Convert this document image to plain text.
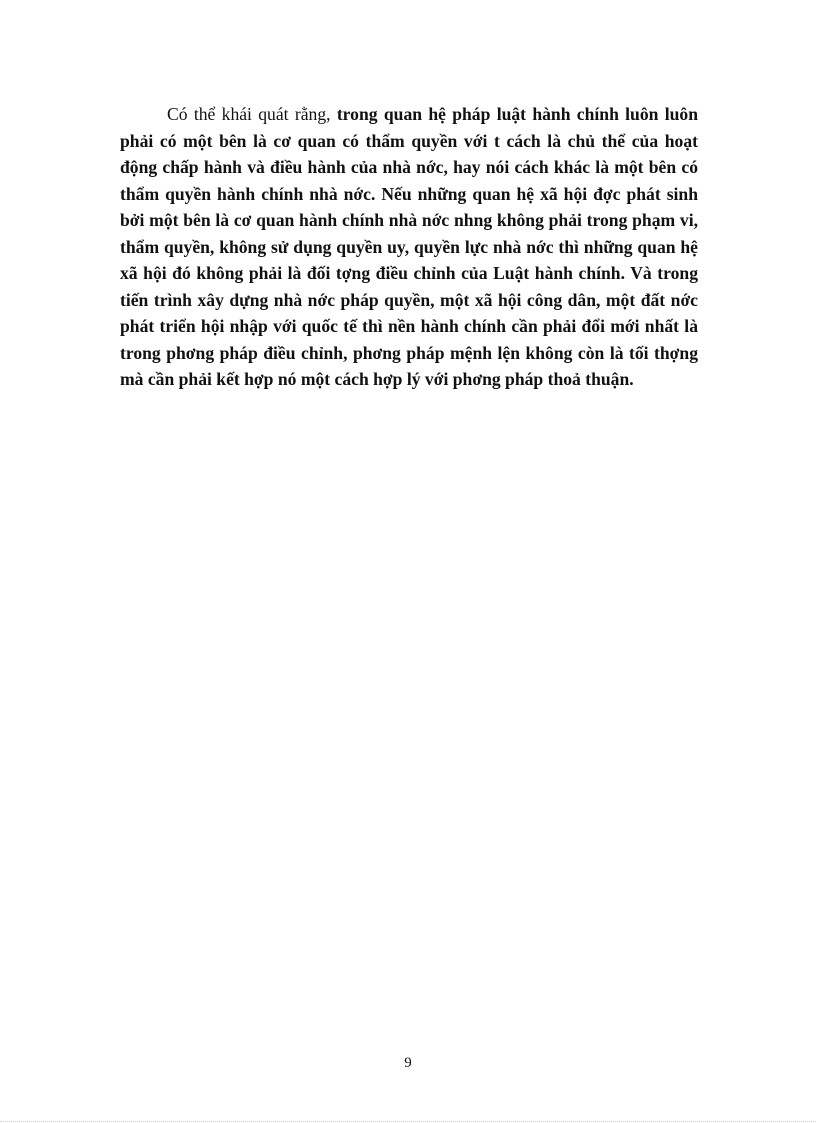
Có thể khái quát rằng, trong quan hệ pháp luật hành chính luôn luôn phải có một bên là cơ quan có thẩm quyền với t cách là chủ thể của hoạt động chấp hành và điều hành của nhà nớc, hay nói cách khác là một bên có thẩm quyền hành chính nhà nớc. Nếu những quan hệ xã hội đợc phát sinh bởi một bên là cơ quan hành chính nhà nớc nhng không phải trong phạm vi, thẩm quyền, không sử dụng quyền uy, quyền lực nhà nớc thì những quan hệ xã hội đó không phải là đối tợng điều chỉnh của Luật hành chính. Và trong tiến trình xây dựng nhà nớc pháp quyền, một xã hội công dân, một đất nớc phát triển hội nhập với quốc tế thì nền hành chính cần phải đổi mới nhất là trong phơng pháp điều chỉnh, phơng pháp mệnh lện không còn là tối thợng mà cần phải kết hợp nó một cách hợp lý với phơng pháp thoả thuận.

9
